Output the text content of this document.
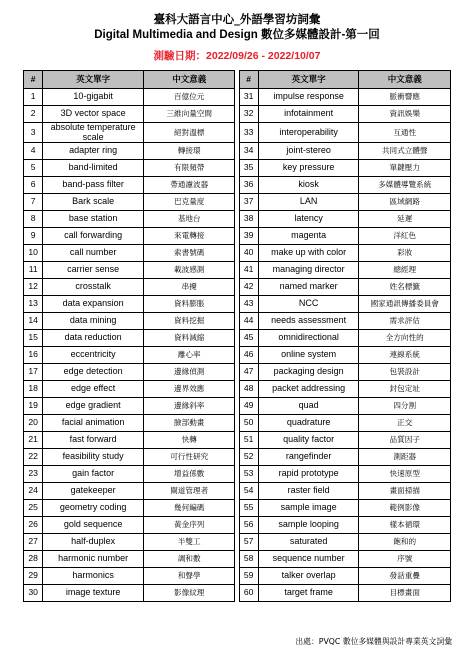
臺科大語言中心_外語學習坊詞彙
Digital Multimedia and Design 數位多媒體設計-第一回
測驗日期：2022/09/26 - 2022/10/07
#	英文單字	中文意義		#	英文單字	中文意義
1	10-gigabit	百億位元		31	impulse response	脈衝響應
2	3D vector space	三維向量空間		32	infotainment	資訊娛樂
3	absolute temperature scale	絕對溫標		33	interoperability	互通性
4	adapter ring	轉接環		34	joint-stereo	共同式立體聲
5	band-limited	有限頻帶		35	key pressure	單鍵壓力
6	band-pass filter	帶通濾波器		36	kiosk	多媒體導覽系統
7	Bark scale	巴克量度		37	LAN	區域網路
8	base station	基地台		38	latency	延遲
9	call forwarding	來電轉接		39	magenta	洋紅色
10	call number	索書號碼		40	make up with color	彩妝
11	carrier sense	載波感測		41	managing director	總經理
12	crosstalk	串擾		42	named marker	姓名標籤
13	data expansion	資料膨脹		43	NCC	國家通訊傳播委員會
14	data mining	資料挖掘		44	needs assessment	需求評估
15	data reduction	資料減縮		45	omnidirectional	全方向性的
16	eccentricity	離心率		46	online system	連線系統
17	edge detection	邊緣偵測		47	packaging design	包裝設計
18	edge effect	邊界效應		48	packet addressing	封包定址
19	edge gradient	邊緣斜率		49	quad	四分割
20	facial animation	臉部動畫		50	quadrature	正交
21	fast forward	快轉		51	quality factor	品質因子
22	feasibility study	可行性研究		52	rangefinder	測距器
23	gain factor	增益係數		53	rapid prototype	快速原型
24	gatekeeper	閘道管理者		54	raster field	畫面掃描
25	geometry coding	幾何編碼		55	sample image	範例影像
26	gold sequence	黃金序列		56	sample looping	樣本循環
27	half-duplex	半雙工		57	saturated	飽和的
28	harmonic number	調和數		58	sequence number	序號
29	harmonics	和聲學		59	talker overlap	發話重疊
30	image texture	影像紋理		60	target frame	目標畫面
出處：PVQC 數位多媒體與設計專業英文詞彙
